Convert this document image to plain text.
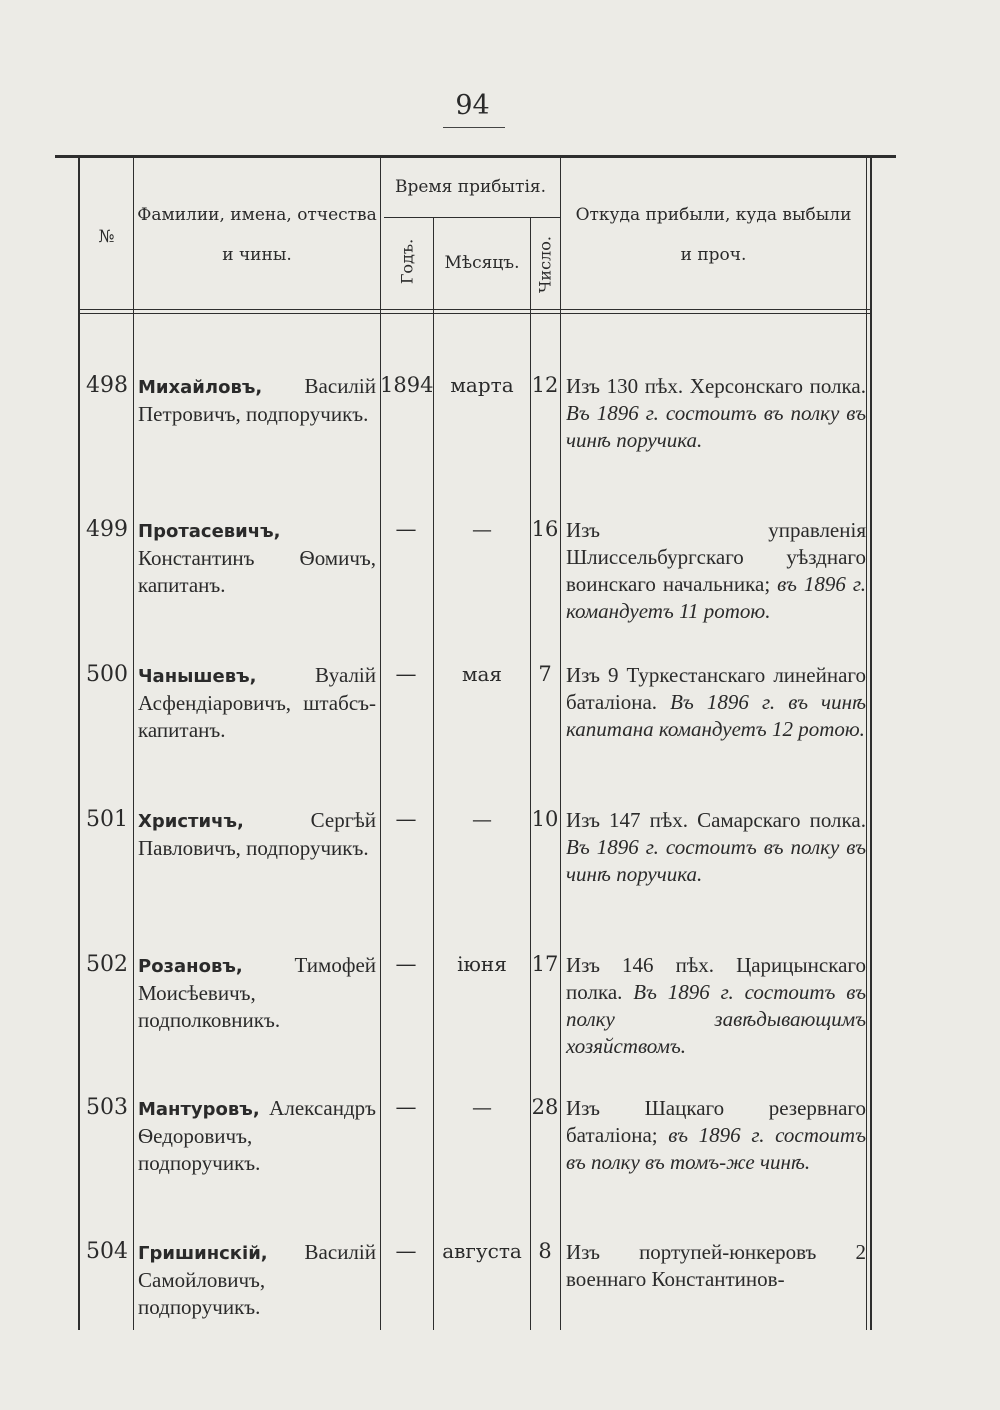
94
№
Фамилии, имена, отчества
и чины.
Время прибытія.
Годъ.	Мѣсяцъ. Число.
Откуда прибыли, куда выбыли
и проч.
498 Михайловъ, Василій Петровичъ, подпоручикъ.
1894 марта 12 Изъ 130 пѣх. Херсонскаго полка. Въ 1896 г. состоитъ въ полку въ чинѣ поручика.
499 Протасевичъ, Константинъ Ѳомичъ, капитанъ.
—	—	16 Изъ управленія Шлиссельбургскаго уѣзднаго воинскаго начальника; въ 1896 г. командуетъ 11 ротою.
500 Чанышевъ, Вуалій Асфендіаровичъ, штабсъ-капитанъ.
—	мая	7 Изъ 9 Туркестанскаго линейнаго баталіона. Въ 1896 г. въ чинѣ капитана командуетъ 12 ротою.
501 Христичъ, Сергѣй Павловичъ, подпоручикъ.
—	—	10 Изъ 147 пѣх. Самарскаго полка. Въ 1896 г. состоитъ въ полку въ чинѣ поручика.
502 Розановъ, Тимофей Моисѣевичъ, подполковникъ.
—	іюня	17 Изъ 146 пѣх. Царицынскаго полка. Въ 1896 г. состоитъ въ полку завѣдывающимъ хозяйствомъ.
503 Мантуровъ, Александръ Ѳедоровичъ, подпоручикъ.
—	—	28 Изъ Шацкаго резервнаго баталіона; въ 1896 г. состоитъ въ полку въ томъ-же чинѣ.
504 Гришинскій, Василій Самойловичъ, подпоручикъ.
—	августа 8 Изъ портупей-юнкеровъ 2 военнаго Константинов-
